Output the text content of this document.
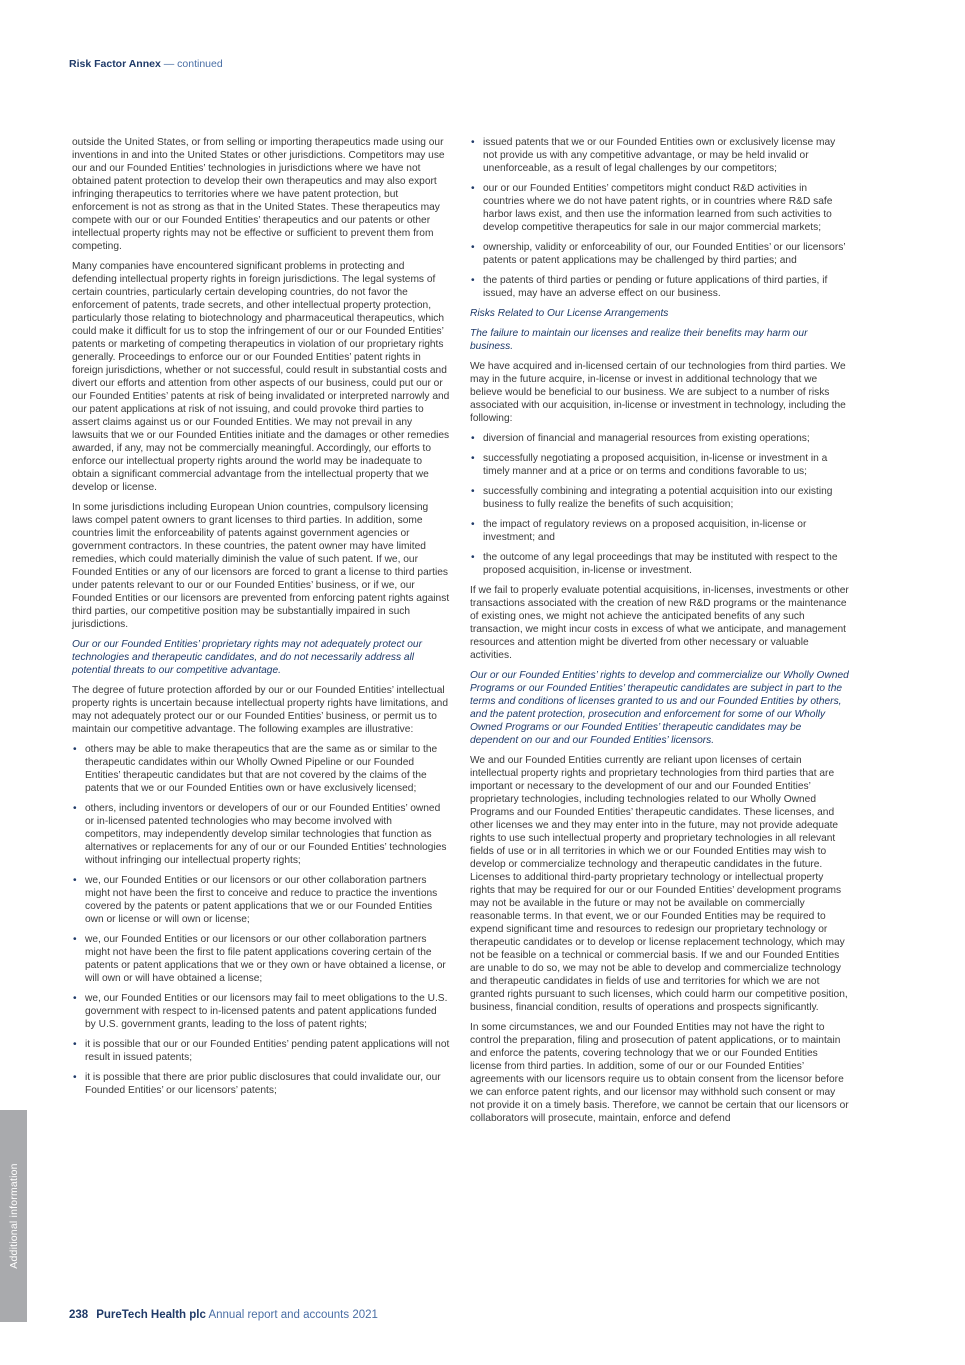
Risk Factor Annex — continued

outside the United States, or from selling or importing therapeutics made using our inventions in and into the United States or other jurisdictions. Competitors may use our and our Founded Entities’ technologies in jurisdictions where we have not obtained patent protection to develop their own therapeutics and may also export infringing therapeutics to territories where we have patent protection, but enforcement is not as strong as that in the United States. These therapeutics may compete with our or our Founded Entities’ therapeutics and our patents or other intellectual property rights may not be effective or sufficient to prevent them from competing.

Many companies have encountered significant problems in protecting and defending intellectual property rights in foreign jurisdictions. The legal systems of certain countries, particularly certain developing countries, do not favor the enforcement of patents, trade secrets, and other intellectual property protection, particularly those relating to biotechnology and pharmaceutical therapeutics, which could make it difficult for us to stop the infringement of our or our Founded Entities’ patents or marketing of competing therapeutics in violation of our proprietary rights generally. Proceedings to enforce our or our Founded Entities’ patent rights in foreign jurisdictions, whether or not successful, could result in substantial costs and divert our efforts and attention from other aspects of our business, could put our or our Founded Entities’ patents at risk of being invalidated or interpreted narrowly and our patent applications at risk of not issuing, and could provoke third parties to assert claims against us or our Founded Entities. We may not prevail in any lawsuits that we or our Founded Entities initiate and the damages or other remedies awarded, if any, may not be commercially meaningful. Accordingly, our efforts to enforce our intellectual property rights around the world may be inadequate to obtain a significant commercial advantage from the intellectual property that we develop or license.

In some jurisdictions including European Union countries, compulsory licensing laws compel patent owners to grant licenses to third parties. In addition, some countries limit the enforceability of patents against government agencies or government contractors. In these countries, the patent owner may have limited remedies, which could materially diminish the value of such patent. If we, our Founded Entities or any of our licensors are forced to grant a license to third parties under patents relevant to our or our Founded Entities’ business, or if we, our Founded Entities or our licensors are prevented from enforcing patent rights against third parties, our competitive position may be substantially impaired in such jurisdictions.

Our or our Founded Entities’ proprietary rights may not adequately protect our technologies and therapeutic candidates, and do not necessarily address all potential threats to our competitive advantage.

The degree of future protection afforded by our or our Founded Entities’ intellectual property rights is uncertain because intellectual property rights have limitations, and may not adequately protect our or our Founded Entities’ business, or permit us to maintain our competitive advantage. The following examples are illustrative:

• others may be able to make therapeutics that are the same as or similar to the therapeutic candidates within our Wholly Owned Pipeline or our Founded Entities’ therapeutic candidates but that are not covered by the claims of the patents that we or our Founded Entities own or have exclusively licensed;
• others, including inventors or developers of our or our Founded Entities’ owned or in-licensed patented technologies who may become involved with competitors, may independently develop similar technologies that function as alternatives or replacements for any of our or our Founded Entities’ technologies without infringing our intellectual property rights;
• we, our Founded Entities or our licensors or our other collaboration partners might not have been the first to conceive and reduce to practice the inventions covered by the patents or patent applications that we or our Founded Entities own or license or will own or license;
• we, our Founded Entities or our licensors or our other collaboration partners might not have been the first to file patent applications covering certain of the patents or patent applications that we or they own or have obtained a license, or will own or will have obtained a license;
• we, our Founded Entities or our licensors may fail to meet obligations to the U.S. government with respect to in-licensed patents and patent applications funded by U.S. government grants, leading to the loss of patent rights;
• it is possible that our or our Founded Entities’ pending patent applications will not result in issued patents;
• it is possible that there are prior public disclosures that could invalidate our, our Founded Entities’ or our licensors’ patents;
• issued patents that we or our Founded Entities own or exclusively license may not provide us with any competitive advantage, or may be held invalid or unenforceable, as a result of legal challenges by our competitors;
• our or our Founded Entities’ competitors might conduct R&D activities in countries where we do not have patent rights, or in countries where R&D safe harbor laws exist, and then use the information learned from such activities to develop competitive therapeutics for sale in our major commercial markets;
• ownership, validity or enforceability of our, our Founded Entities’ or our licensors’ patents or patent applications may be challenged by third parties; and
• the patents of third parties or pending or future applications of third parties, if issued, may have an adverse effect on our business.

Risks Related to Our License Arrangements

The failure to maintain our licenses and realize their benefits may harm our business.

We have acquired and in-licensed certain of our technologies from third parties. We may in the future acquire, in-license or invest in additional technology that we believe would be beneficial to our business. We are subject to a number of risks associated with our acquisition, in-license or investment in technology, including the following:

• diversion of financial and managerial resources from existing operations;
• successfully negotiating a proposed acquisition, in-license or investment in a timely manner and at a price or on terms and conditions favorable to us;
• successfully combining and integrating a potential acquisition into our existing business to fully realize the benefits of such acquisition;
• the impact of regulatory reviews on a proposed acquisition, in-license or investment; and
• the outcome of any legal proceedings that may be instituted with respect to the proposed acquisition, in-license or investment.

If we fail to properly evaluate potential acquisitions, in-licenses, investments or other transactions associated with the creation of new R&D programs or the maintenance of existing ones, we might not achieve the anticipated benefits of any such transaction, we might incur costs in excess of what we anticipate, and management resources and attention might be diverted from other necessary or valuable activities.

Our or our Founded Entities’ rights to develop and commercialize our Wholly Owned Programs or our Founded Entities’ therapeutic candidates are subject in part to the terms and conditions of licenses granted to us and our Founded Entities by others, and the patent protection, prosecution and enforcement for some of our Wholly Owned Programs or our Founded Entities’ therapeutic candidates may be dependent on our and our Founded Entities’ licensors.

We and our Founded Entities currently are reliant upon licenses of certain intellectual property rights and proprietary technologies from third parties that are important or necessary to the development of our and our Founded Entities’ proprietary technologies, including technologies related to our Wholly Owned Programs and our Founded Entities’ therapeutic candidates. These licenses, and other licenses we and they may enter into in the future, may not provide adequate rights to use such intellectual property and proprietary technologies in all relevant fields of use or in all territories in which we or our Founded Entities may wish to develop or commercialize technology and therapeutic candidates in the future. Licenses to additional third-party proprietary technology or intellectual property rights that may be required for our or our Founded Entities’ development programs may not be available in the future or may not be available on commercially reasonable terms. In that event, we or our Founded Entities may be required to expend significant time and resources to redesign our proprietary technology or therapeutic candidates or to develop or license replacement technology, which may not be feasible on a technical or commercial basis. If we and our Founded Entities are unable to do so, we may not be able to develop and commercialize technology and therapeutic candidates in fields of use and territories for which we are not granted rights pursuant to such licenses, which could harm our competitive position, business, financial condition, results of operations and prospects significantly.

In some circumstances, we and our Founded Entities may not have the right to control the preparation, filing and prosecution of patent applications, or to maintain and enforce the patents, covering technology that we or our Founded Entities license from third parties. In addition, some of our or our Founded Entities’ agreements with our licensors require us to obtain consent from the licensor before we can enforce patent rights, and our licensor may withhold such consent or may not provide it on a timely basis. Therefore, we cannot be certain that our licensors or collaborators will prosecute, maintain, enforce and defend

Additional information
238 PureTech Health plc Annual report and accounts 2021
